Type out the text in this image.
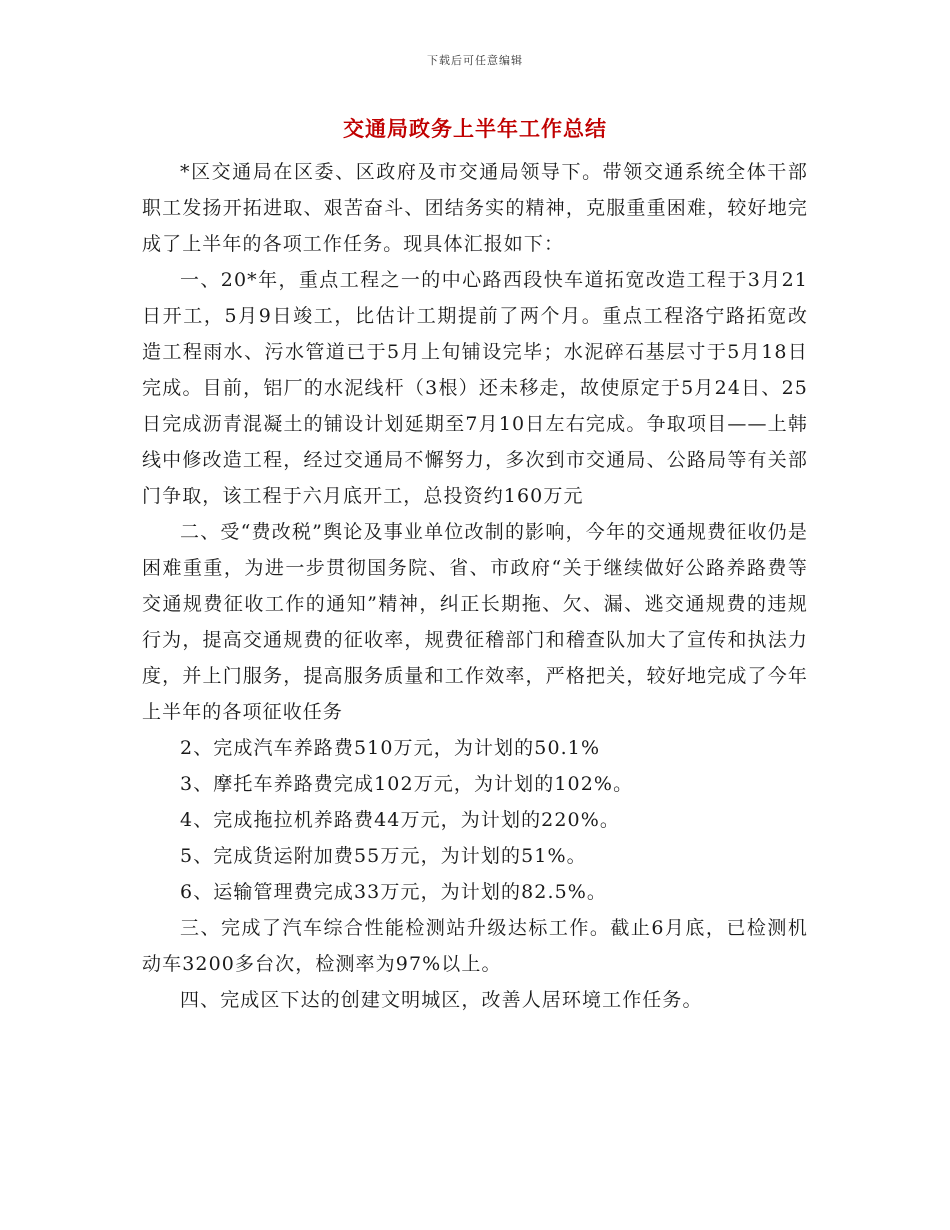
下载后可任意编辑
交通局政务上半年工作总结

*区交通局在区委、区政府及市交通局领导下。带领交通系统全体干部职工发扬开拓进取、艰苦奋斗、团结务实的精神，克服重重困难，较好地完成了上半年的各项工作任务。现具体汇报如下：

一、20*年，重点工程之一的中心路西段快车道拓宽改造工程于3月21日开工，5月9日竣工，比估计工期提前了两个月。重点工程洛宁路拓宽改造工程雨水、污水管道已于5月上旬铺设完毕；水泥碎石基层寸于5月18日完成。目前，铝厂的水泥线杆（3根）还未移走，故使原定于5月24日、25日完成沥青混凝土的铺设计划延期至7月10日左右完成。争取项目——上韩线中修改造工程，经过交通局不懈努力，多次到市交通局、公路局等有关部门争取，该工程于六月底开工，总投资约160万元

二、受“费改税”舆论及事业单位改制的影响，今年的交通规费征收仍是困难重重，为进一步贯彻国务院、省、市政府“关于继续做好公路养路费等交通规费征收工作的通知”精神，纠正长期拖、欠、漏、逃交通规费的违规行为，提高交通规费的征收率，规费征稽部门和稽查队加大了宣传和执法力度，并上门服务，提高服务质量和工作效率，严格把关，较好地完成了今年上半年的各项征收任务

2、完成汽车养路费510万元，为计划的50.1%

3、摩托车养路费完成102万元，为计划的102%。

4、完成拖拉机养路费44万元，为计划的220%。

5、完成货运附加费55万元，为计划的51%。

6、运输管理费完成33万元，为计划的82.5%。

三、完成了汽车综合性能检测站升级达标工作。截止6月底，已检测机动车3200多台次，检测率为97%以上。

四、完成区下达的创建文明城区，改善人居环境工作任务。
